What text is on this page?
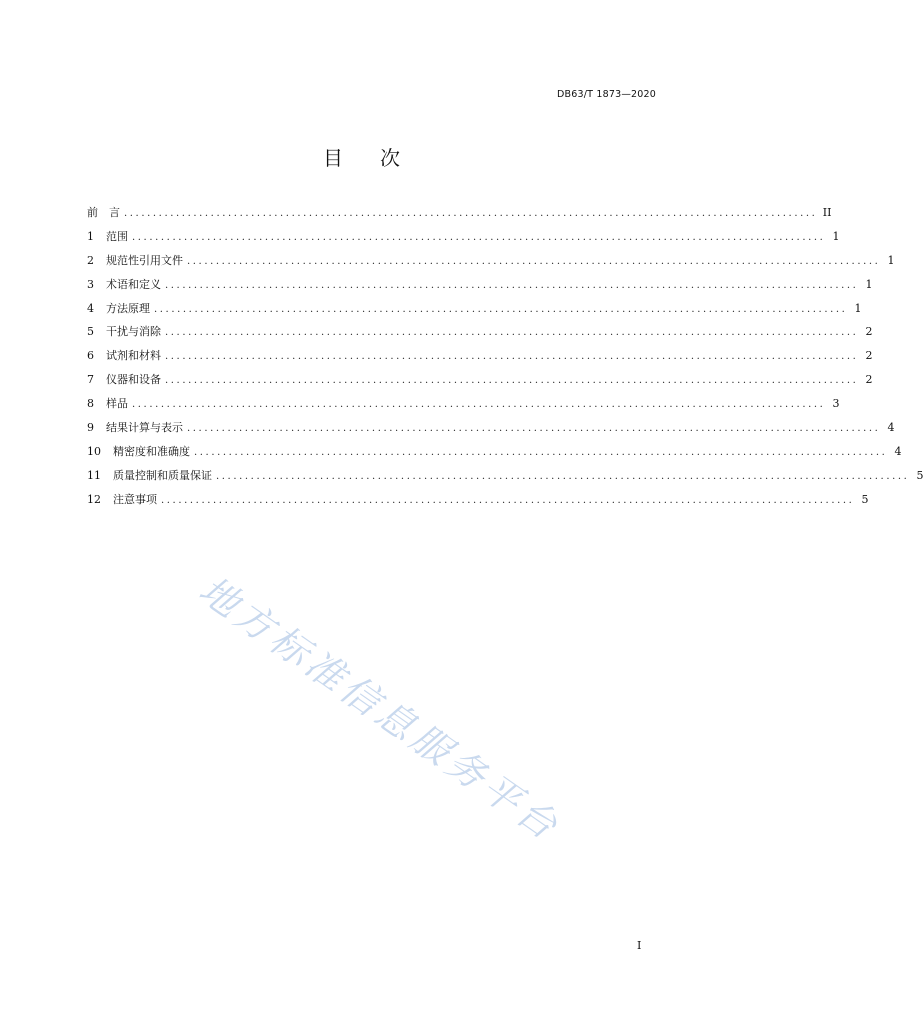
DB63/T 1873—2020
目 次
前　言 ........................................................................................................................ II
1	范围 ........................................................................................................................ 1
2	规范性引用文件 ........................................................................................................................ 1
3	术语和定义 ........................................................................................................................ 1
4	方法原理 ........................................................................................................................ 1
5	干扰与消除 ........................................................................................................................ 2
6	试剂和材料 ........................................................................................................................ 2
7	仪器和设备 ........................................................................................................................ 2
8	样品 ........................................................................................................................ 3
9	结果计算与表示 ........................................................................................................................ 4
10	精密度和准确度 ........................................................................................................................ 4
11	质量控制和质量保证 ........................................................................................................................ 5
12	注意事项 ........................................................................................................................ 5
地方标准信息服务平台
I
